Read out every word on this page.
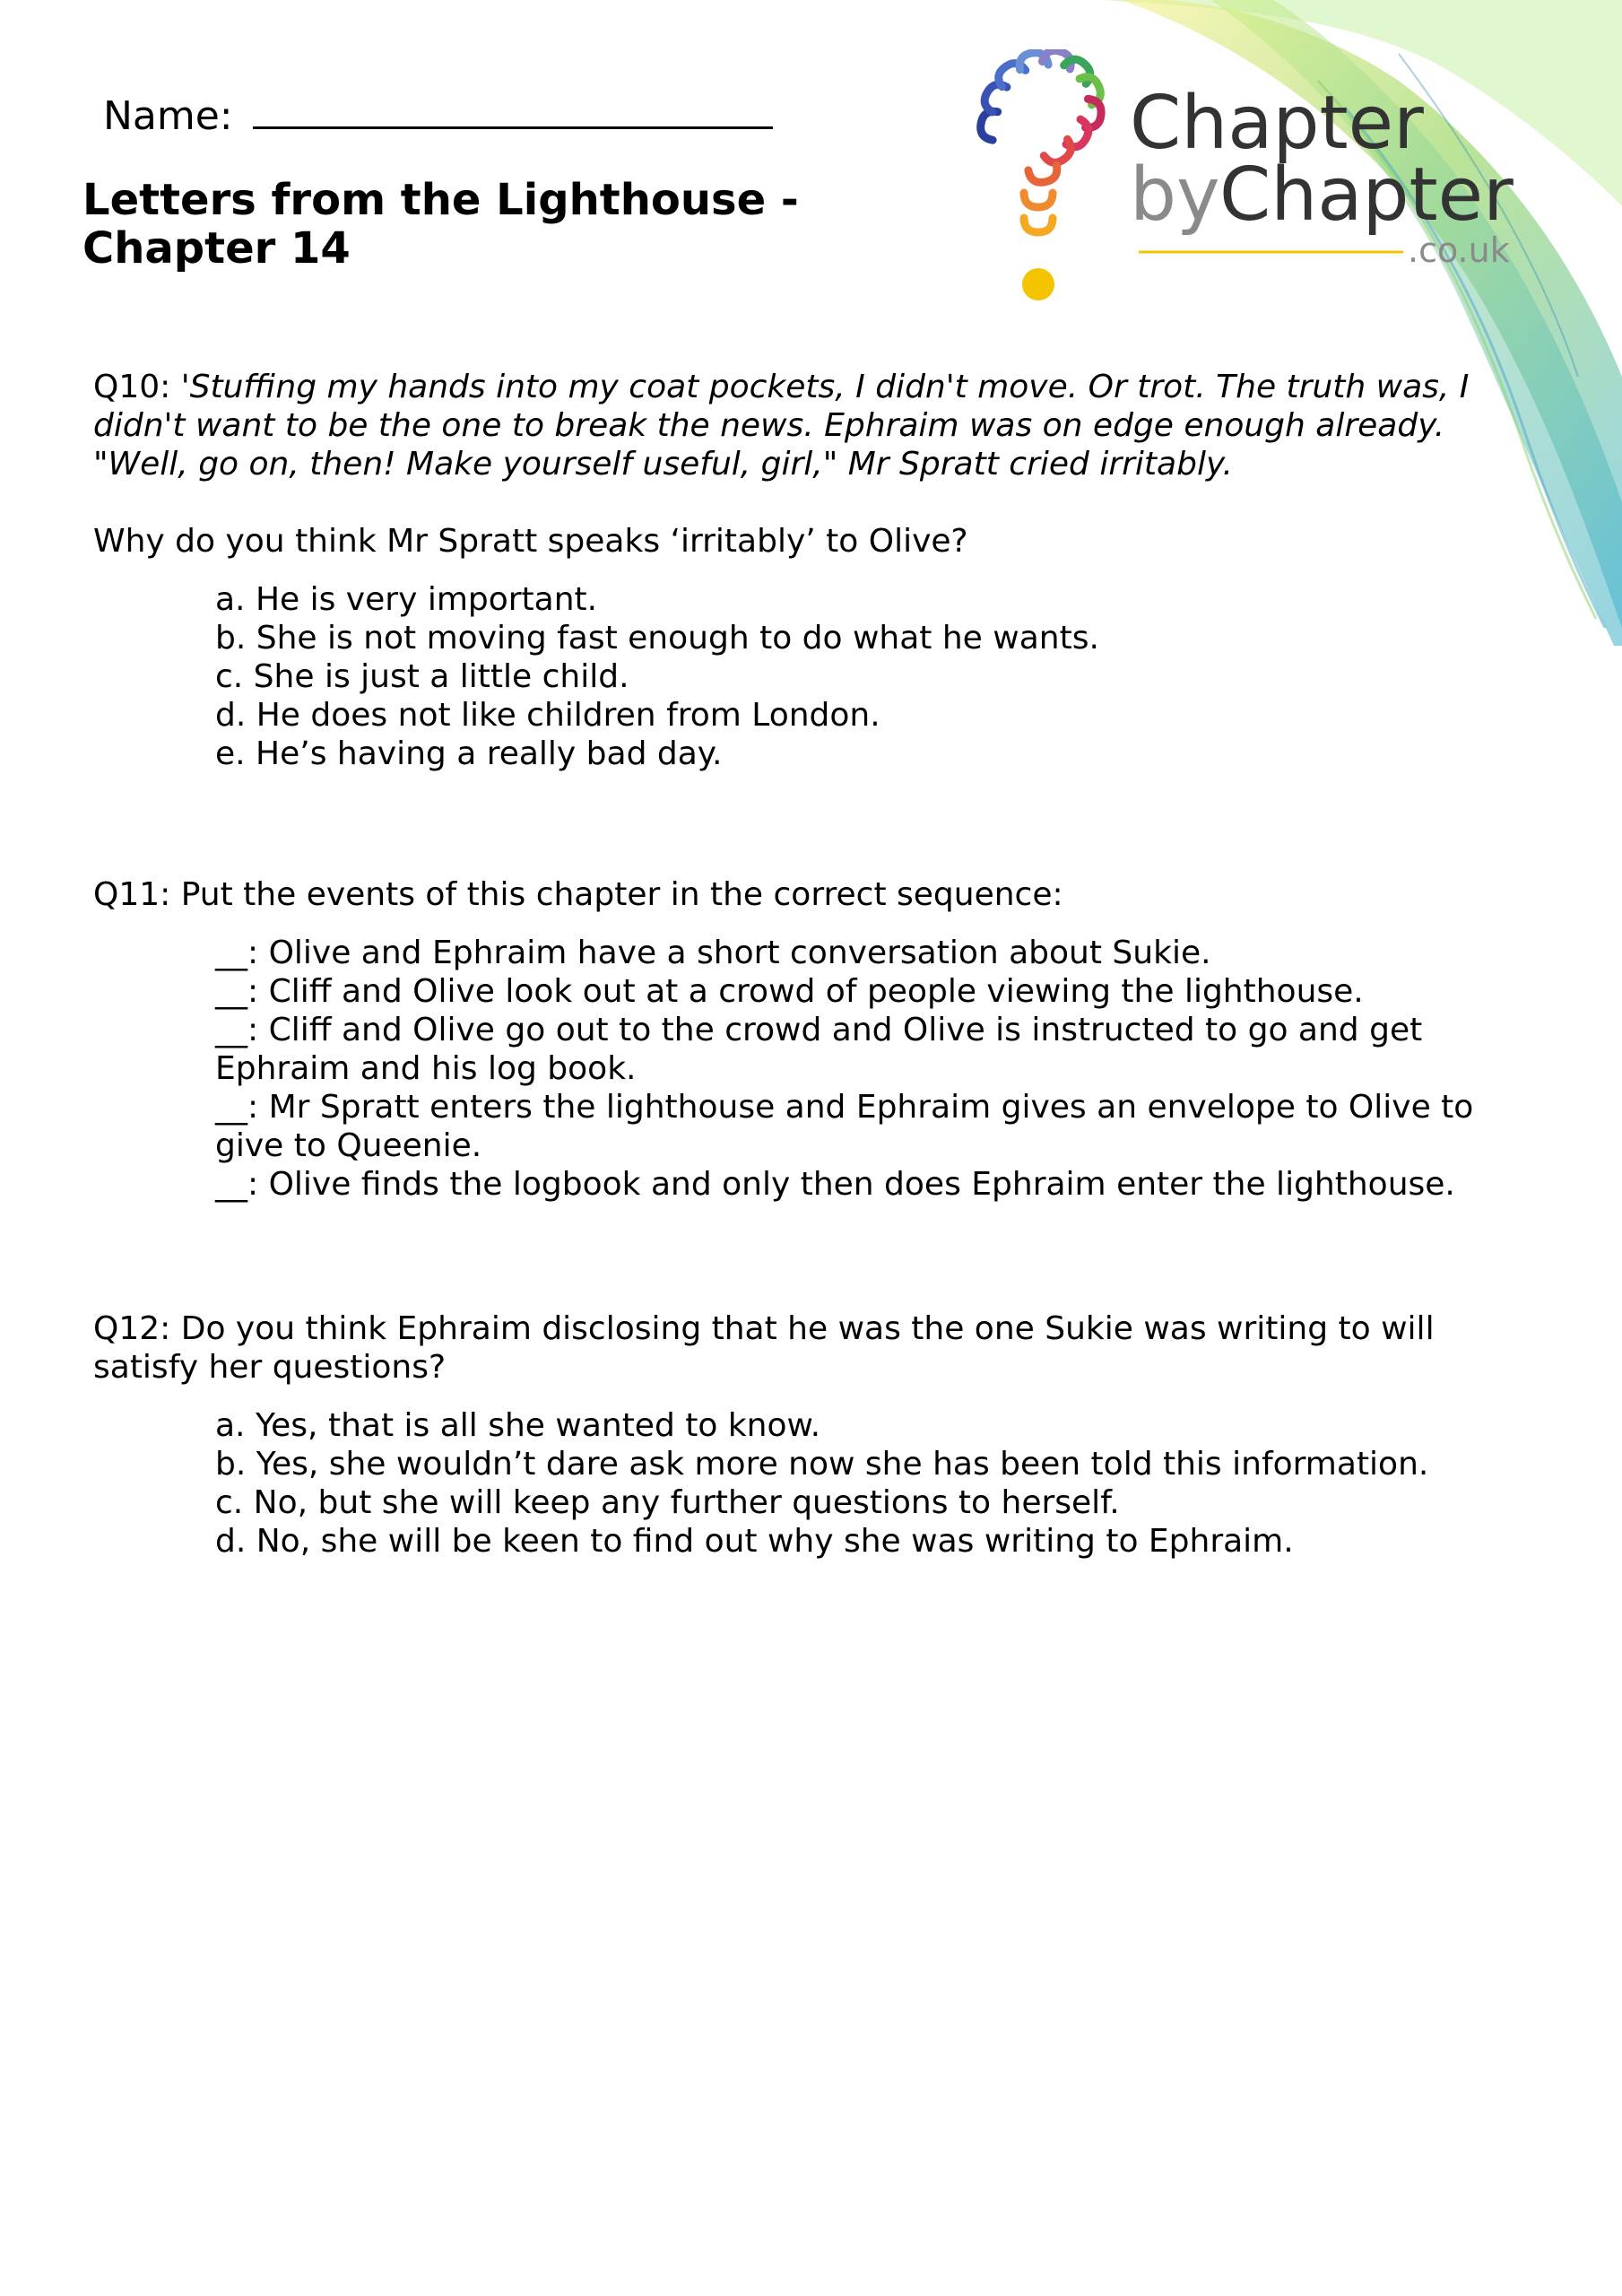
Chapter
by Chapter
.co.uk
Name:
Letters from the Lighthouse - Chapter 14

Q10: 'Stuffing my hands into my coat pockets, I didn't move. Or trot. The truth was, I didn't want to be the one to break the news. Ephraim was on edge enough already. "Well, go on, then! Make yourself useful, girl," Mr Spratt cried irritably.

Why do you think Mr Spratt speaks ‘irritably’ to Olive?

a. He is very important.
b. She is not moving fast enough to do what he wants.
c. She is just a little child.
d. He does not like children from London.
e. He’s having a really bad day.

Q11: Put the events of this chapter in the correct sequence:

__: Olive and Ephraim have a short conversation about Sukie.
__: Cliff and Olive look out at a crowd of people viewing the lighthouse.
__: Cliff and Olive go out to the crowd and Olive is instructed to go and get Ephraim and his log book.
__: Mr Spratt enters the lighthouse and Ephraim gives an envelope to Olive to give to Queenie.
__: Olive finds the logbook and only then does Ephraim enter the lighthouse.

Q12: Do you think Ephraim disclosing that he was the one Sukie was writing to will satisfy her questions?

a. Yes, that is all she wanted to know.
b. Yes, she wouldn’t dare ask more now she has been told this information.
c. No, but she will keep any further questions to herself.
d. No, she will be keen to find out why she was writing to Ephraim.
